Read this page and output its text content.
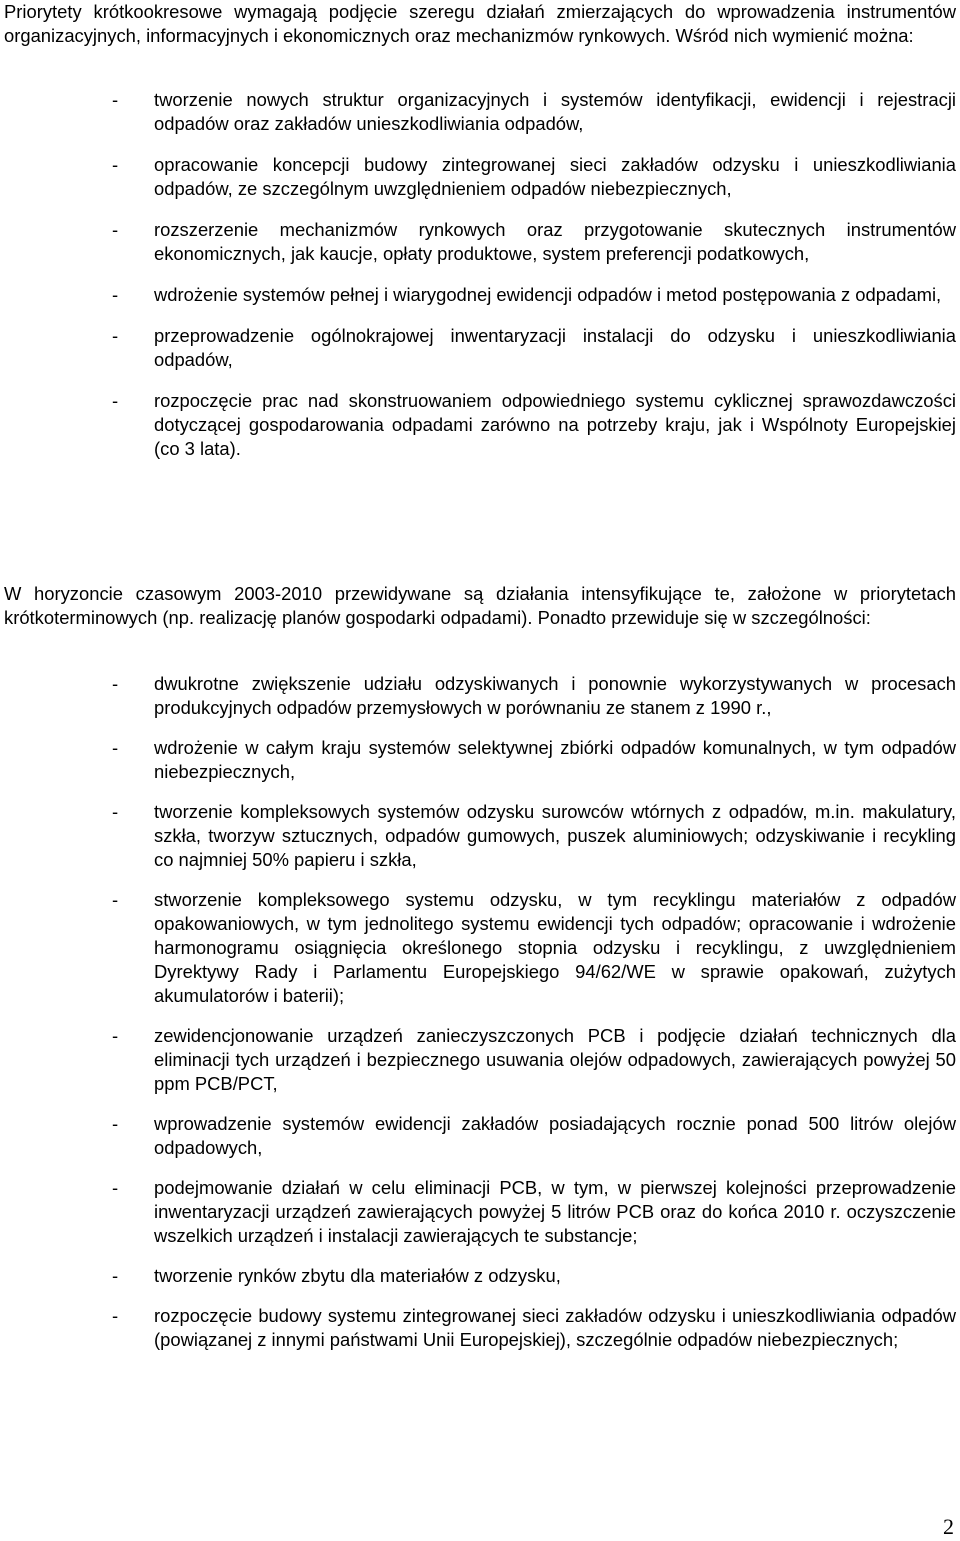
Priorytety krótkookresowe wymagają podjęcie szeregu działań zmierzających do wprowadzenia instrumentów organizacyjnych, informacyjnych i ekonomicznych oraz mechanizmów rynkowych. Wśród nich wymienić można:

- tworzenie nowych struktur organizacyjnych i systemów identyfikacji, ewidencji i rejestracji odpadów oraz zakładów unieszkodliwiania odpadów,
- opracowanie koncepcji budowy zintegrowanej sieci zakładów odzysku i unieszkodliwiania odpadów, ze szczególnym uwzględnieniem odpadów niebezpiecznych,
- rozszerzenie mechanizmów rynkowych oraz przygotowanie skutecznych instrumentów ekonomicznych, jak kaucje, opłaty produktowe, system preferencji podatkowych,
- wdrożenie systemów pełnej i wiarygodnej ewidencji odpadów i metod postępowania z odpadami,
- przeprowadzenie ogólnokrajowej inwentaryzacji instalacji do odzysku i unieszkodliwiania odpadów,
- rozpoczęcie prac nad skonstruowaniem odpowiedniego systemu cyklicznej sprawozdawczości dotyczącej gospodarowania odpadami zarówno na potrzeby kraju, jak i Wspólnoty Europejskiej (co 3 lata).

W horyzoncie czasowym 2003-2010 przewidywane są działania intensyfikujące te, założone w priorytetach krótkoterminowych (np. realizację planów gospodarki odpadami). Ponadto przewiduje się w szczególności:

- dwukrotne zwiększenie udziału odzyskiwanych i ponownie wykorzystywanych w procesach produkcyjnych odpadów przemysłowych w porównaniu ze stanem z 1990 r.,
- wdrożenie w całym kraju systemów selektywnej zbiórki odpadów komunalnych, w tym odpadów niebezpiecznych,
- tworzenie kompleksowych systemów odzysku surowców wtórnych z odpadów, m.in. makulatury, szkła, tworzyw sztucznych, odpadów gumowych, puszek aluminiowych; odzyskiwanie i recykling co najmniej 50% papieru i szkła,
- stworzenie kompleksowego systemu odzysku, w tym recyklingu materiałów z odpadów opakowaniowych, w tym jednolitego systemu ewidencji tych odpadów; opracowanie i wdrożenie harmonogramu osiągnięcia określonego stopnia odzysku i recyklingu, z uwzględnieniem Dyrektywy Rady i Parlamentu Europejskiego 94/62/WE w sprawie opakowań, zużytych akumulatorów i baterii);
- zewidencjonowanie urządzeń zanieczyszczonych PCB i podjęcie działań technicznych dla eliminacji tych urządzeń i bezpiecznego usuwania olejów odpadowych, zawierających powyżej 50 ppm PCB/PCT,
- wprowadzenie systemów ewidencji zakładów posiadających rocznie ponad 500 litrów olejów odpadowych,
- podejmowanie działań w celu eliminacji PCB, w tym, w pierwszej kolejności przeprowadzenie inwentaryzacji urządzeń zawierających powyżej 5 litrów PCB oraz do końca 2010 r. oczyszczenie wszelkich urządzeń i instalacji zawierających te substancje;
- tworzenie rynków zbytu dla materiałów z odzysku,
- rozpoczęcie budowy systemu zintegrowanej sieci zakładów odzysku i unieszkodliwiania odpadów (powiązanej z innymi państwami Unii Europejskiej), szczególnie odpadów niebezpiecznych;
2
